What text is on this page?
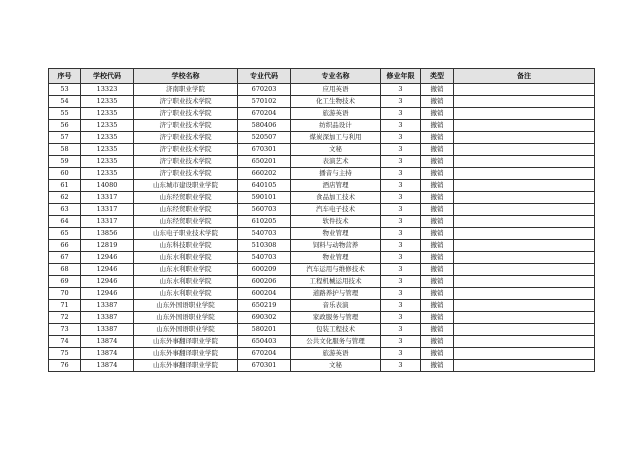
序号	学校代码	学校名称	专业代码	专业名称	修业年限	类型	备注
53	13323	济南职业学院	670203	应用英语	3	撤销	
54	12335	济宁职业技术学院	570102	化工生物技术	3	撤销	
55	12335	济宁职业技术学院	670204	旅游英语	3	撤销	
56	12335	济宁职业技术学院	580406	纺织品设计	3	撤销	
57	12335	济宁职业技术学院	520507	煤炭深加工与利用	3	撤销	
58	12335	济宁职业技术学院	670301	文秘	3	撤销	
59	12335	济宁职业技术学院	650201	表演艺术	3	撤销	
60	12335	济宁职业技术学院	660202	播音与主持	3	撤销	
61	14080	山东城市建设职业学院	640105	酒店管理	3	撤销	
62	13317	山东经贸职业学院	590101	食品加工技术	3	撤销	
63	13317	山东经贸职业学院	560703	汽车电子技术	3	撤销	
64	13317	山东经贸职业学院	610205	软件技术	3	撤销	
65	13856	山东电子职业技术学院	540703	物业管理	3	撤销	
66	12819	山东科技职业学院	510308	饲料与动物营养	3	撤销	
67	12946	山东水利职业学院	540703	物业管理	3	撤销	
68	12946	山东水利职业学院	600209	汽车运用与维修技术	3	撤销	
69	12946	山东水利职业学院	600206	工程机械运用技术	3	撤销	
70	12946	山东水利职业学院	600204	道路养护与管理	3	撤销	
71	13387	山东外国语职业学院	650219	音乐表演	3	撤销	
72	13387	山东外国语职业学院	690302	家政服务与管理	3	撤销	
73	13387	山东外国语职业学院	580201	包装工程技术	3	撤销	
74	13874	山东外事翻译职业学院	650403	公共文化服务与管理	3	撤销	
75	13874	山东外事翻译职业学院	670204	旅游英语	3	撤销	
76	13874	山东外事翻译职业学院	670301	文秘	3	撤销	
